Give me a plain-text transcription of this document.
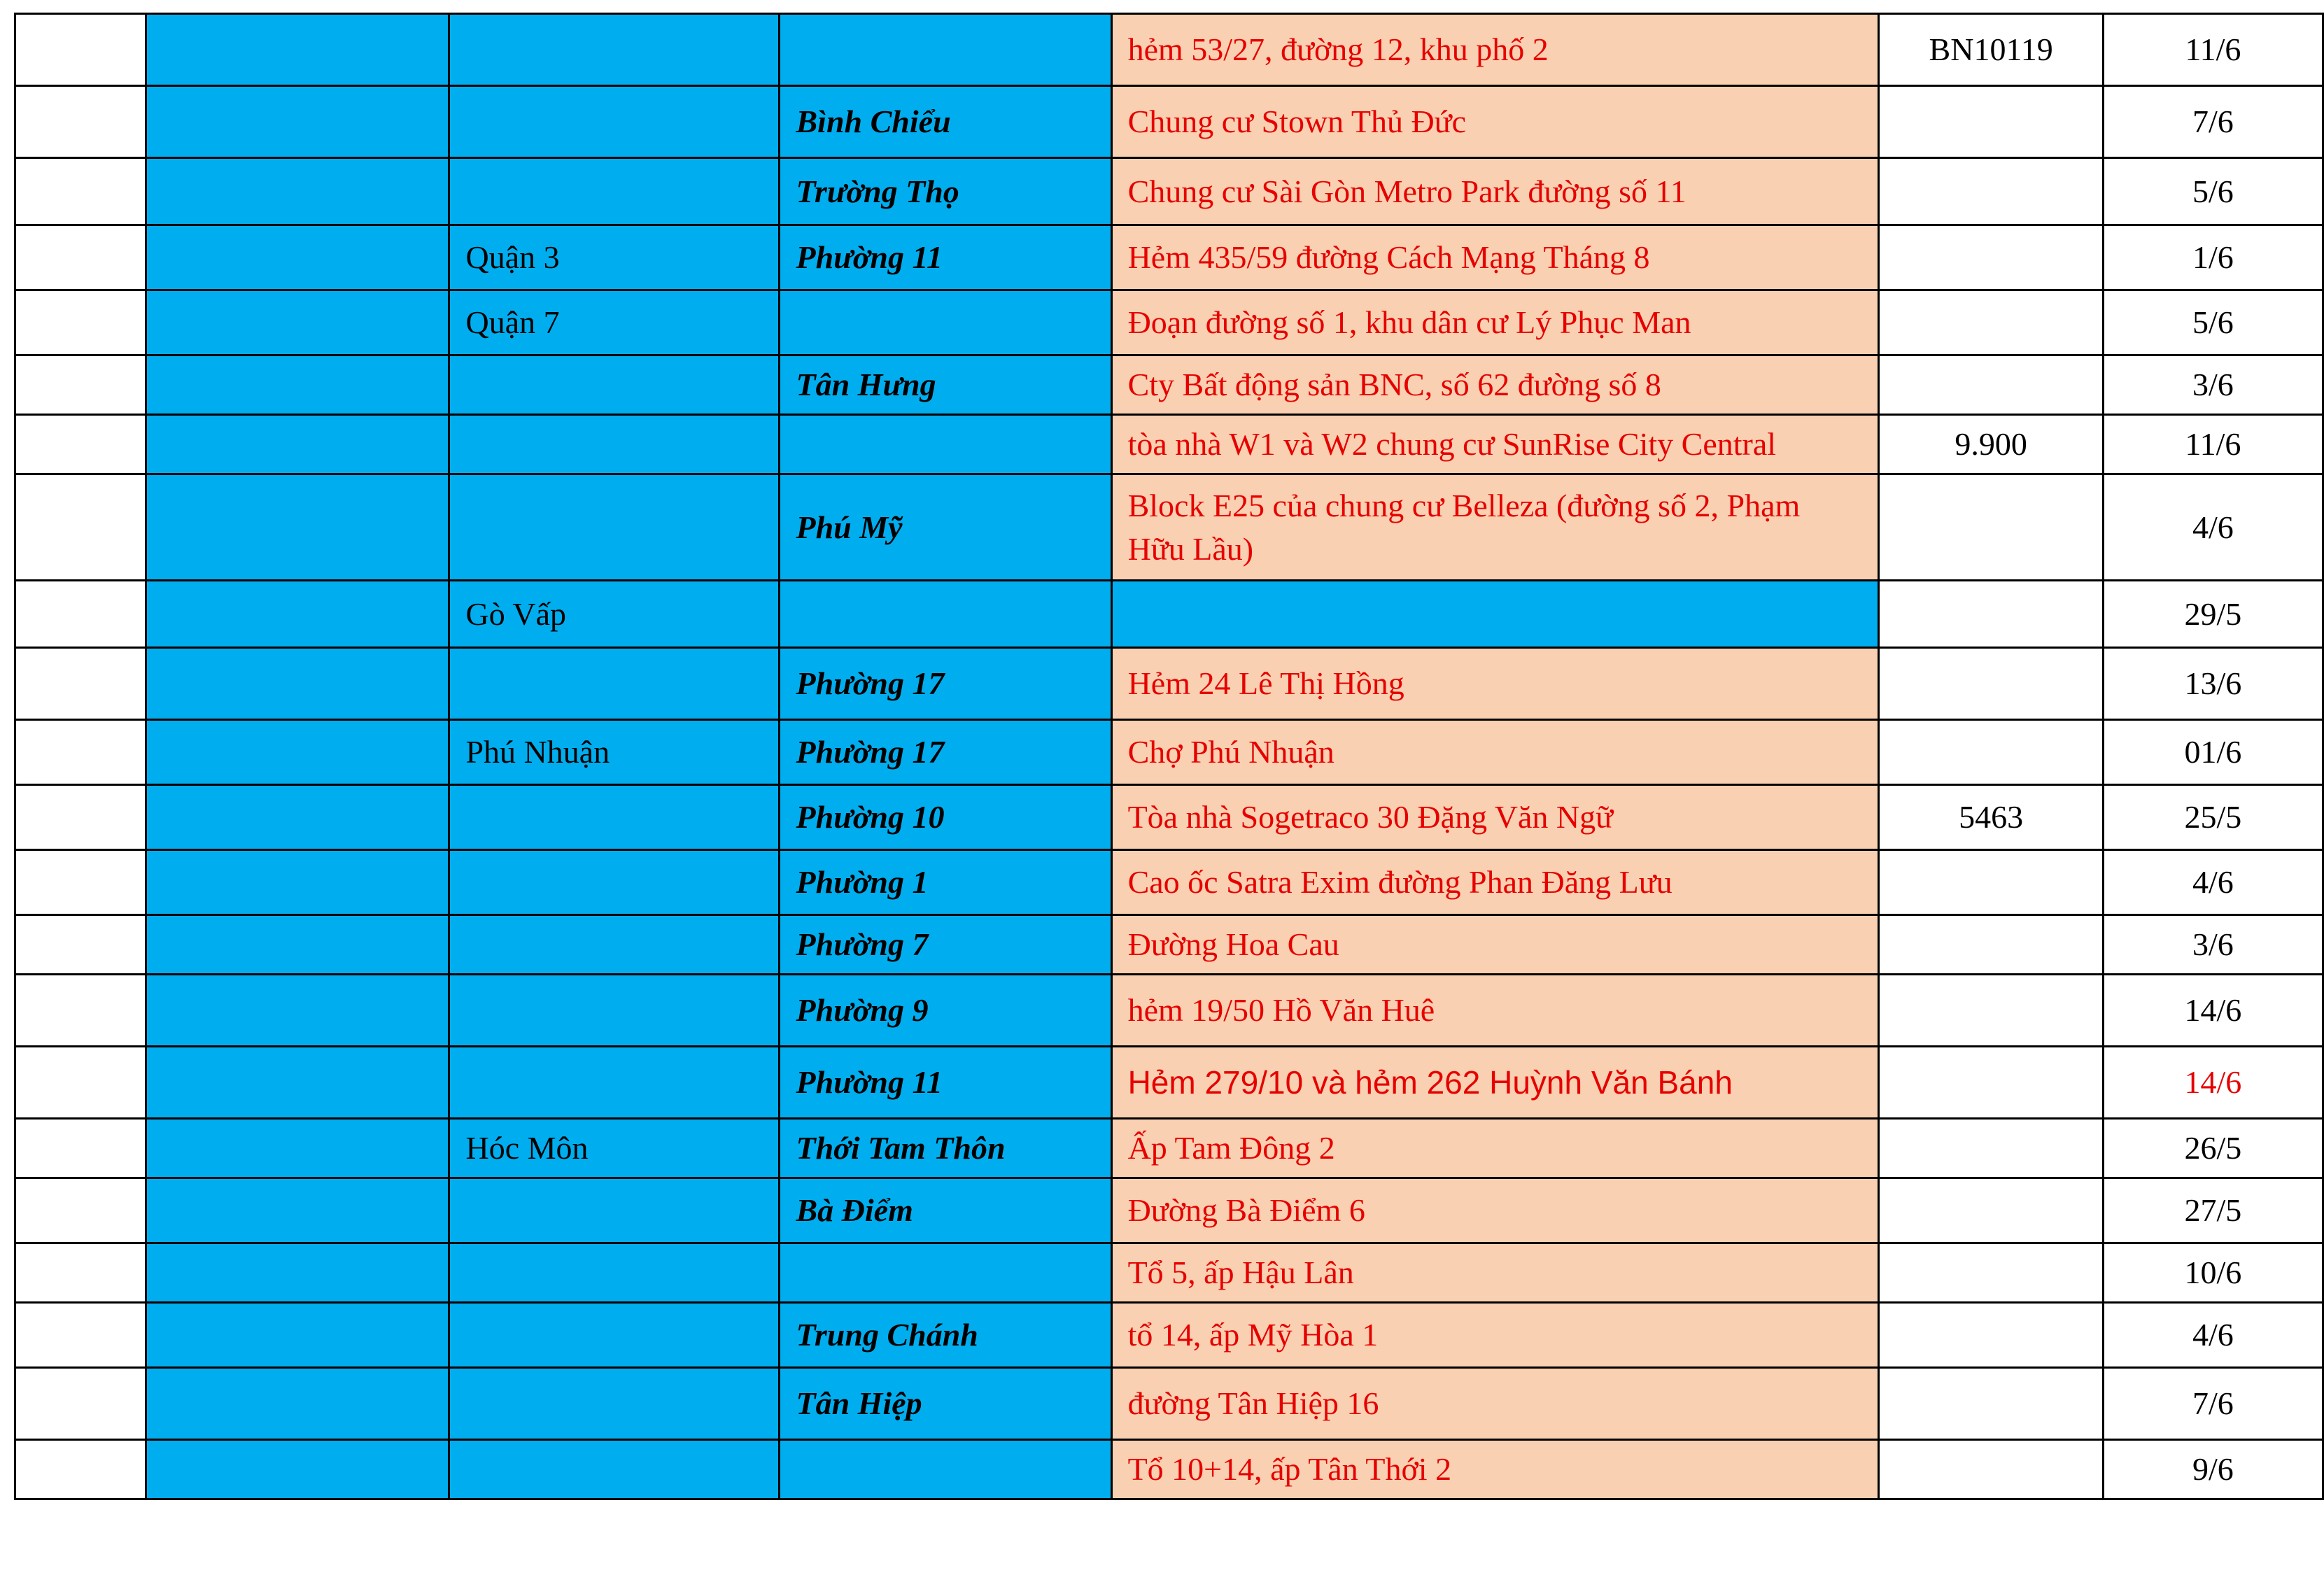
				hẻm 53/27, đường 12, khu phố 2	BN10119	11/6
			Bình Chiểu	Chung cư Stown Thủ Đức		7/6
			Trường Thọ	Chung cư Sài Gòn Metro Park đường số 11		5/6
		Quận 3	Phường 11	Hẻm 435/59 đường Cách Mạng Tháng 8		1/6
		Quận 7		Đoạn đường số 1, khu dân cư Lý Phục Man		5/6
			Tân Hưng	Cty Bất động sản BNC, số 62 đường số 8		3/6
				tòa nhà W1 và W2 chung cư SunRise City Central	9.900	11/6
			Phú Mỹ	Block E25 của chung cư Belleza (đường số 2, Phạm Hữu Lầu)		4/6
		Gò Vấp				29/5
			Phường 17	Hẻm 24 Lê Thị Hồng		13/6
		Phú Nhuận	Phường 17	Chợ Phú Nhuận		01/6
			Phường 10	Tòa nhà Sogetraco 30 Đặng Văn Ngữ	5463	25/5
			Phường 1	Cao ốc Satra Exim đường Phan Đăng Lưu		4/6
			Phường 7	Đường Hoa Cau		3/6
			Phường 9	hẻm 19/50 Hồ Văn Huê		14/6
			Phường 11	Hẻm 279/10 và hẻm 262 Huỳnh Văn Bánh		14/6
		Hóc Môn	Thới Tam Thôn	Ấp Tam Đông 2		26/5
			Bà Điểm	Đường Bà Điểm 6		27/5
				Tổ 5, ấp Hậu Lân		10/6
			Trung Chánh	tổ 14, ấp Mỹ Hòa 1		4/6
			Tân Hiệp	đường Tân Hiệp 16		7/6
				Tổ 10+14, ấp Tân Thới 2		9/6
